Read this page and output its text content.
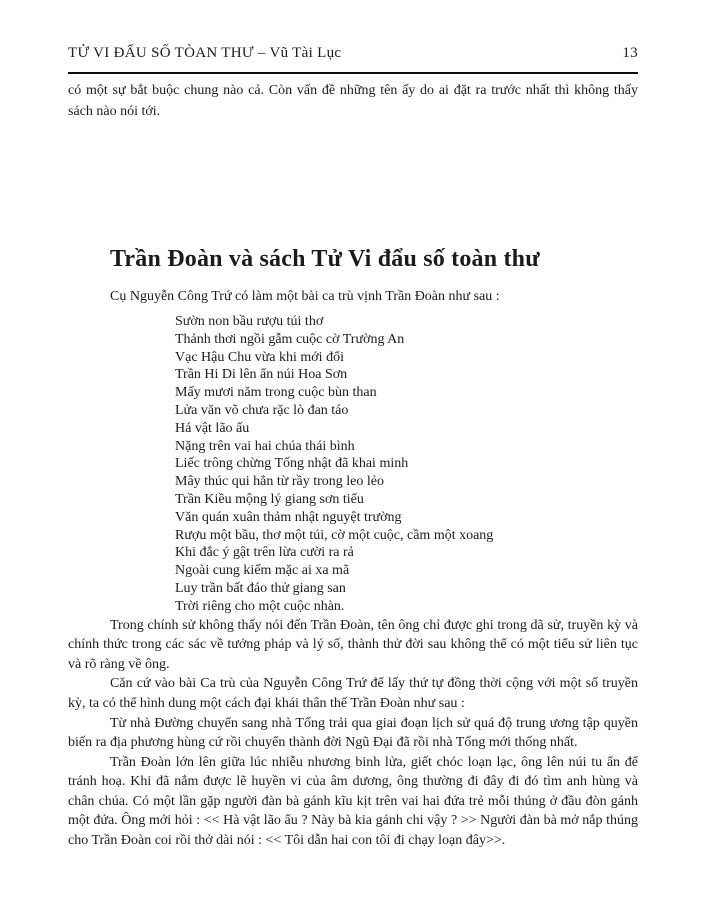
TỬ VI ĐẨU SỐ TÒAN THƯ – Vũ Tài Lục	13

có một sự bắt buộc chung nào cả. Còn vấn đề những tên ấy do ai đặt ra trước nhất thì không thấy sách nào nói tới.

Trần Đoàn và sách Tử Vi đẩu số toàn thư

Cụ Nguyễn Công Trứ có làm một bài ca trù vịnh Trần Đoàn như sau :

Sườn non bầu rượu túi thơ
Thảnh thơi ngồi gẫm cuộc cờ Trường An
Vạc Hậu Chu vừa khi mới đổi
Trần Hi Di lên ẩn núi Hoa Sơn
Mấy mươi năm trong cuộc bùn than
Lửa văn võ chưa rặc lò đan táo
Há vật lão ấu
Nặng trên vai hai chúa thái bình
Liếc trông chừng Tống nhật đã khai minh
Mây thúc qui hẳn từ rầy trong leo lẻo
Trần Kiều mộng lý giang sơn tiểu
Văn quán xuân thảm nhật nguyệt trường
Rượu một bầu, thơ một túi, cờ một cuộc, cầm một xoang
Khi đắc ý gật trên lừa cười ra rả
Ngoài cung kiếm mặc ai xa mã
Luy trần bất đáo thử giang san
Trời riêng cho một cuộc nhàn.

Trong chính sử không thấy nói đến Trần Đoàn, tên ông chỉ được ghi trong dã sử, truyền kỳ và chính thức trong các sác về tướng pháp và lý số, thành thử đời sau không thể có một tiểu sử liên tục và rõ ràng về ông.

Căn cứ vào bài Ca trù của Nguyễn Công Trứ để lấy thứ tự đồng thời cộng với một số truyền kỳ, ta có thể hình dung một cách đại khái thân thế Trần Đoàn như sau :

Từ nhà Đường chuyển sang nhà Tống trải qua giai đoạn lịch sử quá độ trung ương tập quyền biến ra địa phương hùng cứ rồi chuyển thành đời Ngũ Đại đã rồi nhà Tống mới thống nhất.

Trần Đoàn lớn lên giữa lúc nhiễu nhương binh lửa, giết chóc loạn lạc, ông lên núi tu ẩn để tránh hoạ. Khi đã nắm được lẽ huyền vi của âm dương, ông thường đi đây đi đó tìm anh hùng và chân chúa. Có một lần gặp người đàn bà gánh kĩu kịt trên vai hai đứa trẻ mỗi thúng ở đầu đòn gánh một đứa. Ông mới hỏi : << Hà vật lão ẩu ? Này bà kia gánh chi vậy ? >> Người đàn bà mở nắp thúng cho Trần Đoàn coi rồi thở dài nói : << Tôi dẫn hai con tôi đi chạy loạn đây>>.
